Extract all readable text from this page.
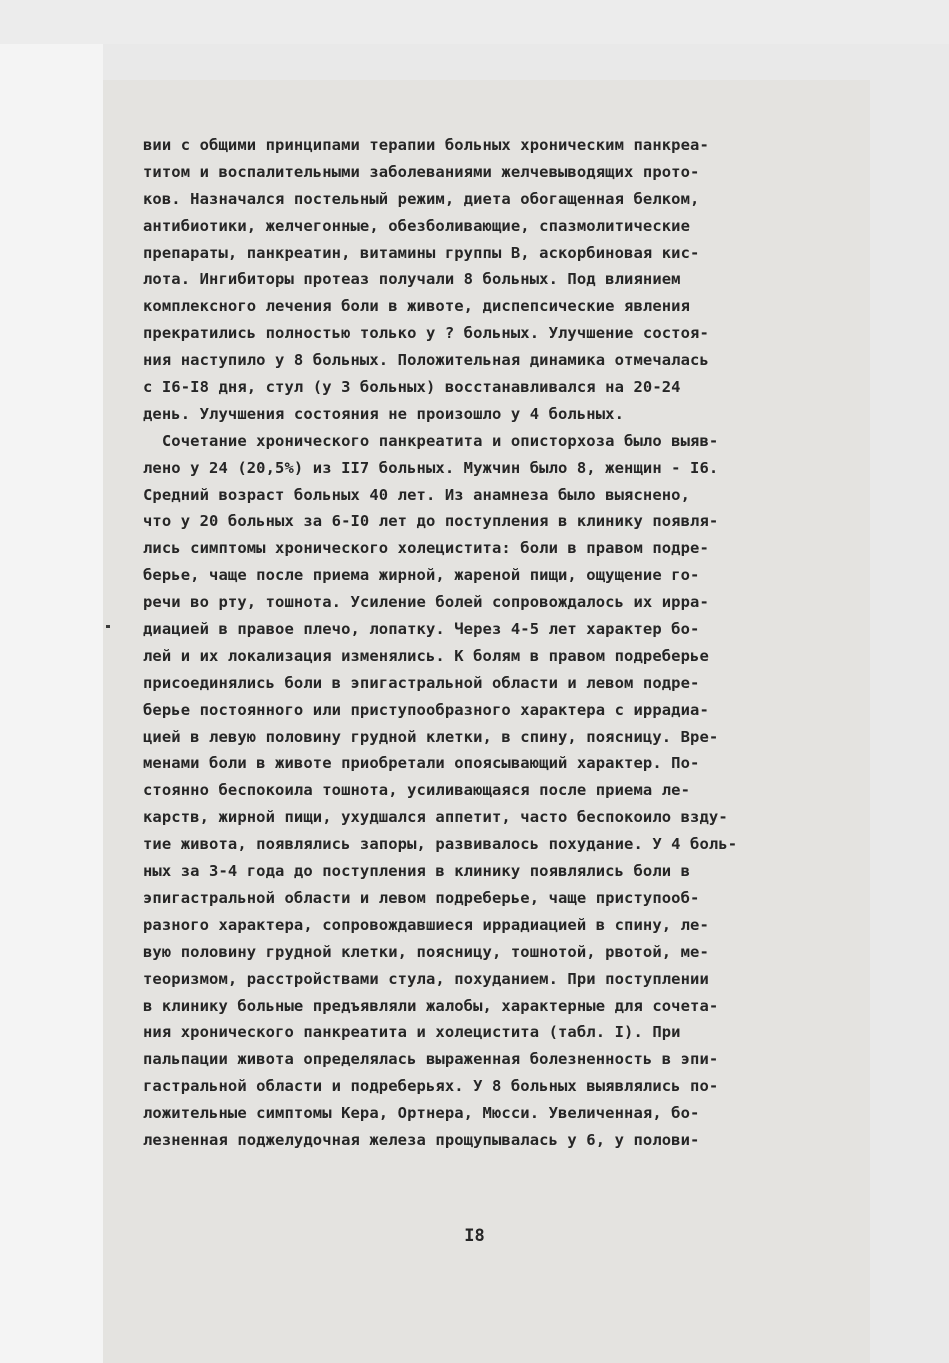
вии с общими принципами терапии больных хроническим панкреа-
титом и воспалительными заболеваниями желчевыводящих прото-
ков. Назначался постельный режим, диета обогащенная белком,
антибиотики, желчегонные, обезболивающие, спазмолитические
препараты, панкреатин, витамины группы В, аскорбиновая кис-
лота. Ингибиторы протеаз получали 8 больных. Под влиянием
комплексного лечения боли в животе, диспепсические явления
прекратились полностью только у ? больных. Улучшение состоя-
ния наступило у 8 больных. Положительная динамика отмечалась
с I6-I8 дня, стул (у 3 больных) восстанавливался на 20-24
день. Улучшения состояния не произошло у 4 больных.
Сочетание хронического панкреатита и описторхоза было выяв-
лено у 24 (20,5%) из II7 больных. Мужчин было 8, женщин - I6.
Средний возраст больных 40 лет. Из анамнеза было выяснено,
что у 20 больных за 6-I0 лет до поступления в клинику появля-
лись симптомы хронического холецистита: боли в правом подре-
берье, чаще после приема жирной, жареной пищи, ощущение го-
речи во рту, тошнота. Усиление болей сопровождалось их ирра-
диацией в правое плечо, лопатку. Через 4-5 лет характер бо-
лей и их локализация изменялись. К болям в правом подреберье
присоединялись боли в эпигастральной области и левом подре-
берье постоянного или приступообразного характера с иррадиа-
цией в левую половину грудной клетки, в спину, поясницу. Вре-
менами боли в животе приобретали опоясывающий характер. По-
стоянно беспокоила тошнота, усиливающаяся после приема ле-
карств, жирной пищи, ухудшался аппетит, часто беспокоило взду-
тие живота, появлялись запоры, развивалось похудание. У 4 боль-
ных за 3-4 года до поступления в клинику появлялись боли в
эпигастральной области и левом подреберье, чаще приступооб-
разного характера, сопровождавшиеся иррадиацией в спину, ле-
вую половину грудной клетки, поясницу, тошнотой, рвотой, ме-
теоризмом, расстройствами стула, похуданием. При поступлении
в клинику больные предъявляли жалобы, характерные для сочета-
ния хронического панкреатита и холецистита (табл. I). При
пальпации живота определялась выраженная болезненность в эпи-
гастральной области и подреберьях. У 8 больных выявлялись по-
ложительные симптомы Кера, Ортнера, Мюсси. Увеличенная, бо-
лезненная поджелудочная железа прощупывалась у 6, у полови-
I8
